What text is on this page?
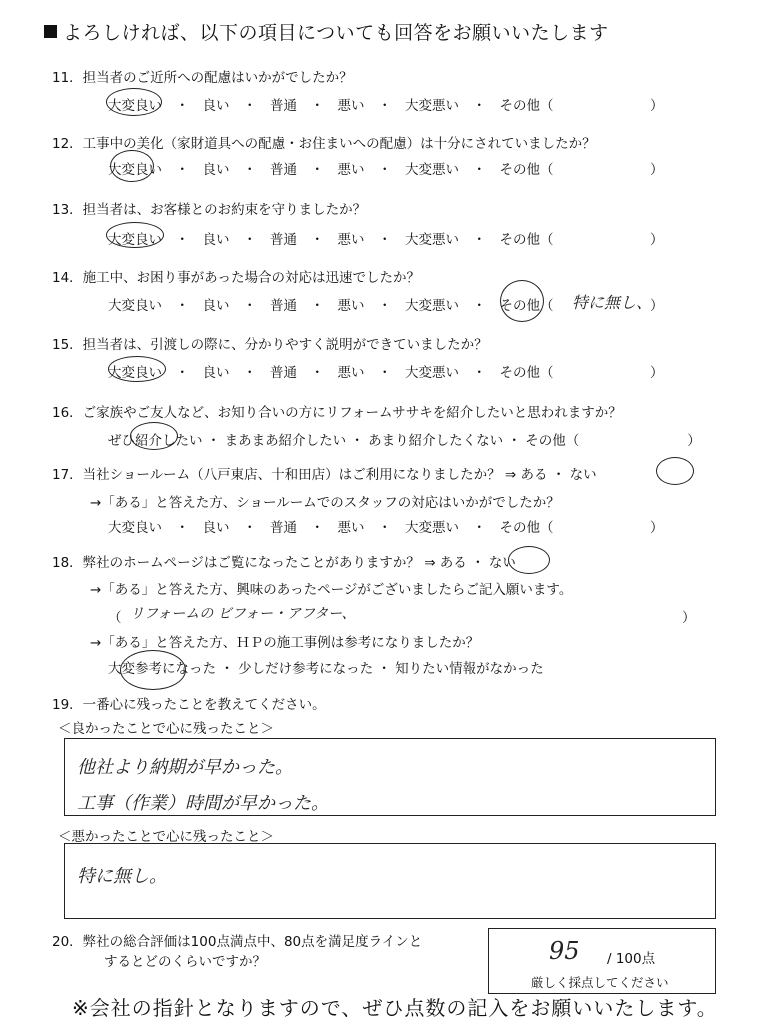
よろしければ、以下の項目についても回答をお願いいたします
11．担当者のご近所への配慮はいかがでしたか？
大変良い　・　良い　・　普通　・　悪い　・　大変悪い　・　その他（	）
12．工事中の美化（家財道具への配慮・お住まいへの配慮）は十分にされていましたか？
大変良い　・　良い　・　普通　・　悪い　・　大変悪い　・　その他（	）
13．担当者は、お客様とのお約束を守りましたか？
大変良い　・　良い　・　普通　・　悪い　・　大変悪い　・　その他（	）
14．施工中、お困り事があった場合の対応は迅速でしたか？
大変良い　・　良い　・　普通　・　悪い　・　大変悪い　・　その他（ 特に無し、
）
15．担当者は、引渡しの際に、分かりやすく説明ができていましたか？
大変良い　・　良い　・　普通　・　悪い　・　大変悪い　・　その他（	）
16．ご家族やご友人など、お知り合いの方にリフォームササキを紹介したいと思われますか？
ぜひ紹介したい ・ まあまあ紹介したい ・ あまり紹介したくない ・ その他（　　　　　　　　）
17．当社ショールーム（八戸東店、十和田店）はご利用になりましたか？ ⇒ ある ・ ない
→「ある」と答えた方、ショールームでのスタッフの対応はいかがでしたか？
大変良い　・　良い　・　普通　・　悪い　・　大変悪い　・　その他（	）
18．弊社のホームページはご覧になったことがありますか？ ⇒ ある ・ ない
→「ある」と答えた方、興味のあったページがございましたらご記入願います。
（ リフォームの ビフォー・アフター、	）
→「ある」と答えた方、ＨＰの施工事例は参考になりましたか？
大変参考になった ・ 少しだけ参考になった ・ 知りたい情報がなかった
19．一番心に残ったことを教えてください。
＜良かったことで心に残ったこと＞
他社より納期が早かった。
工事（作業）時間が早かった。
＜悪かったことで心に残ったこと＞
特に無し。
20．弊社の総合評価は100点満点中、80点を満足度ラインと
するとどのくらいですか？	95 / 100点
厳しく採点してください
※会社の指針となりますので、ぜひ点数の記入をお願いいたします。
